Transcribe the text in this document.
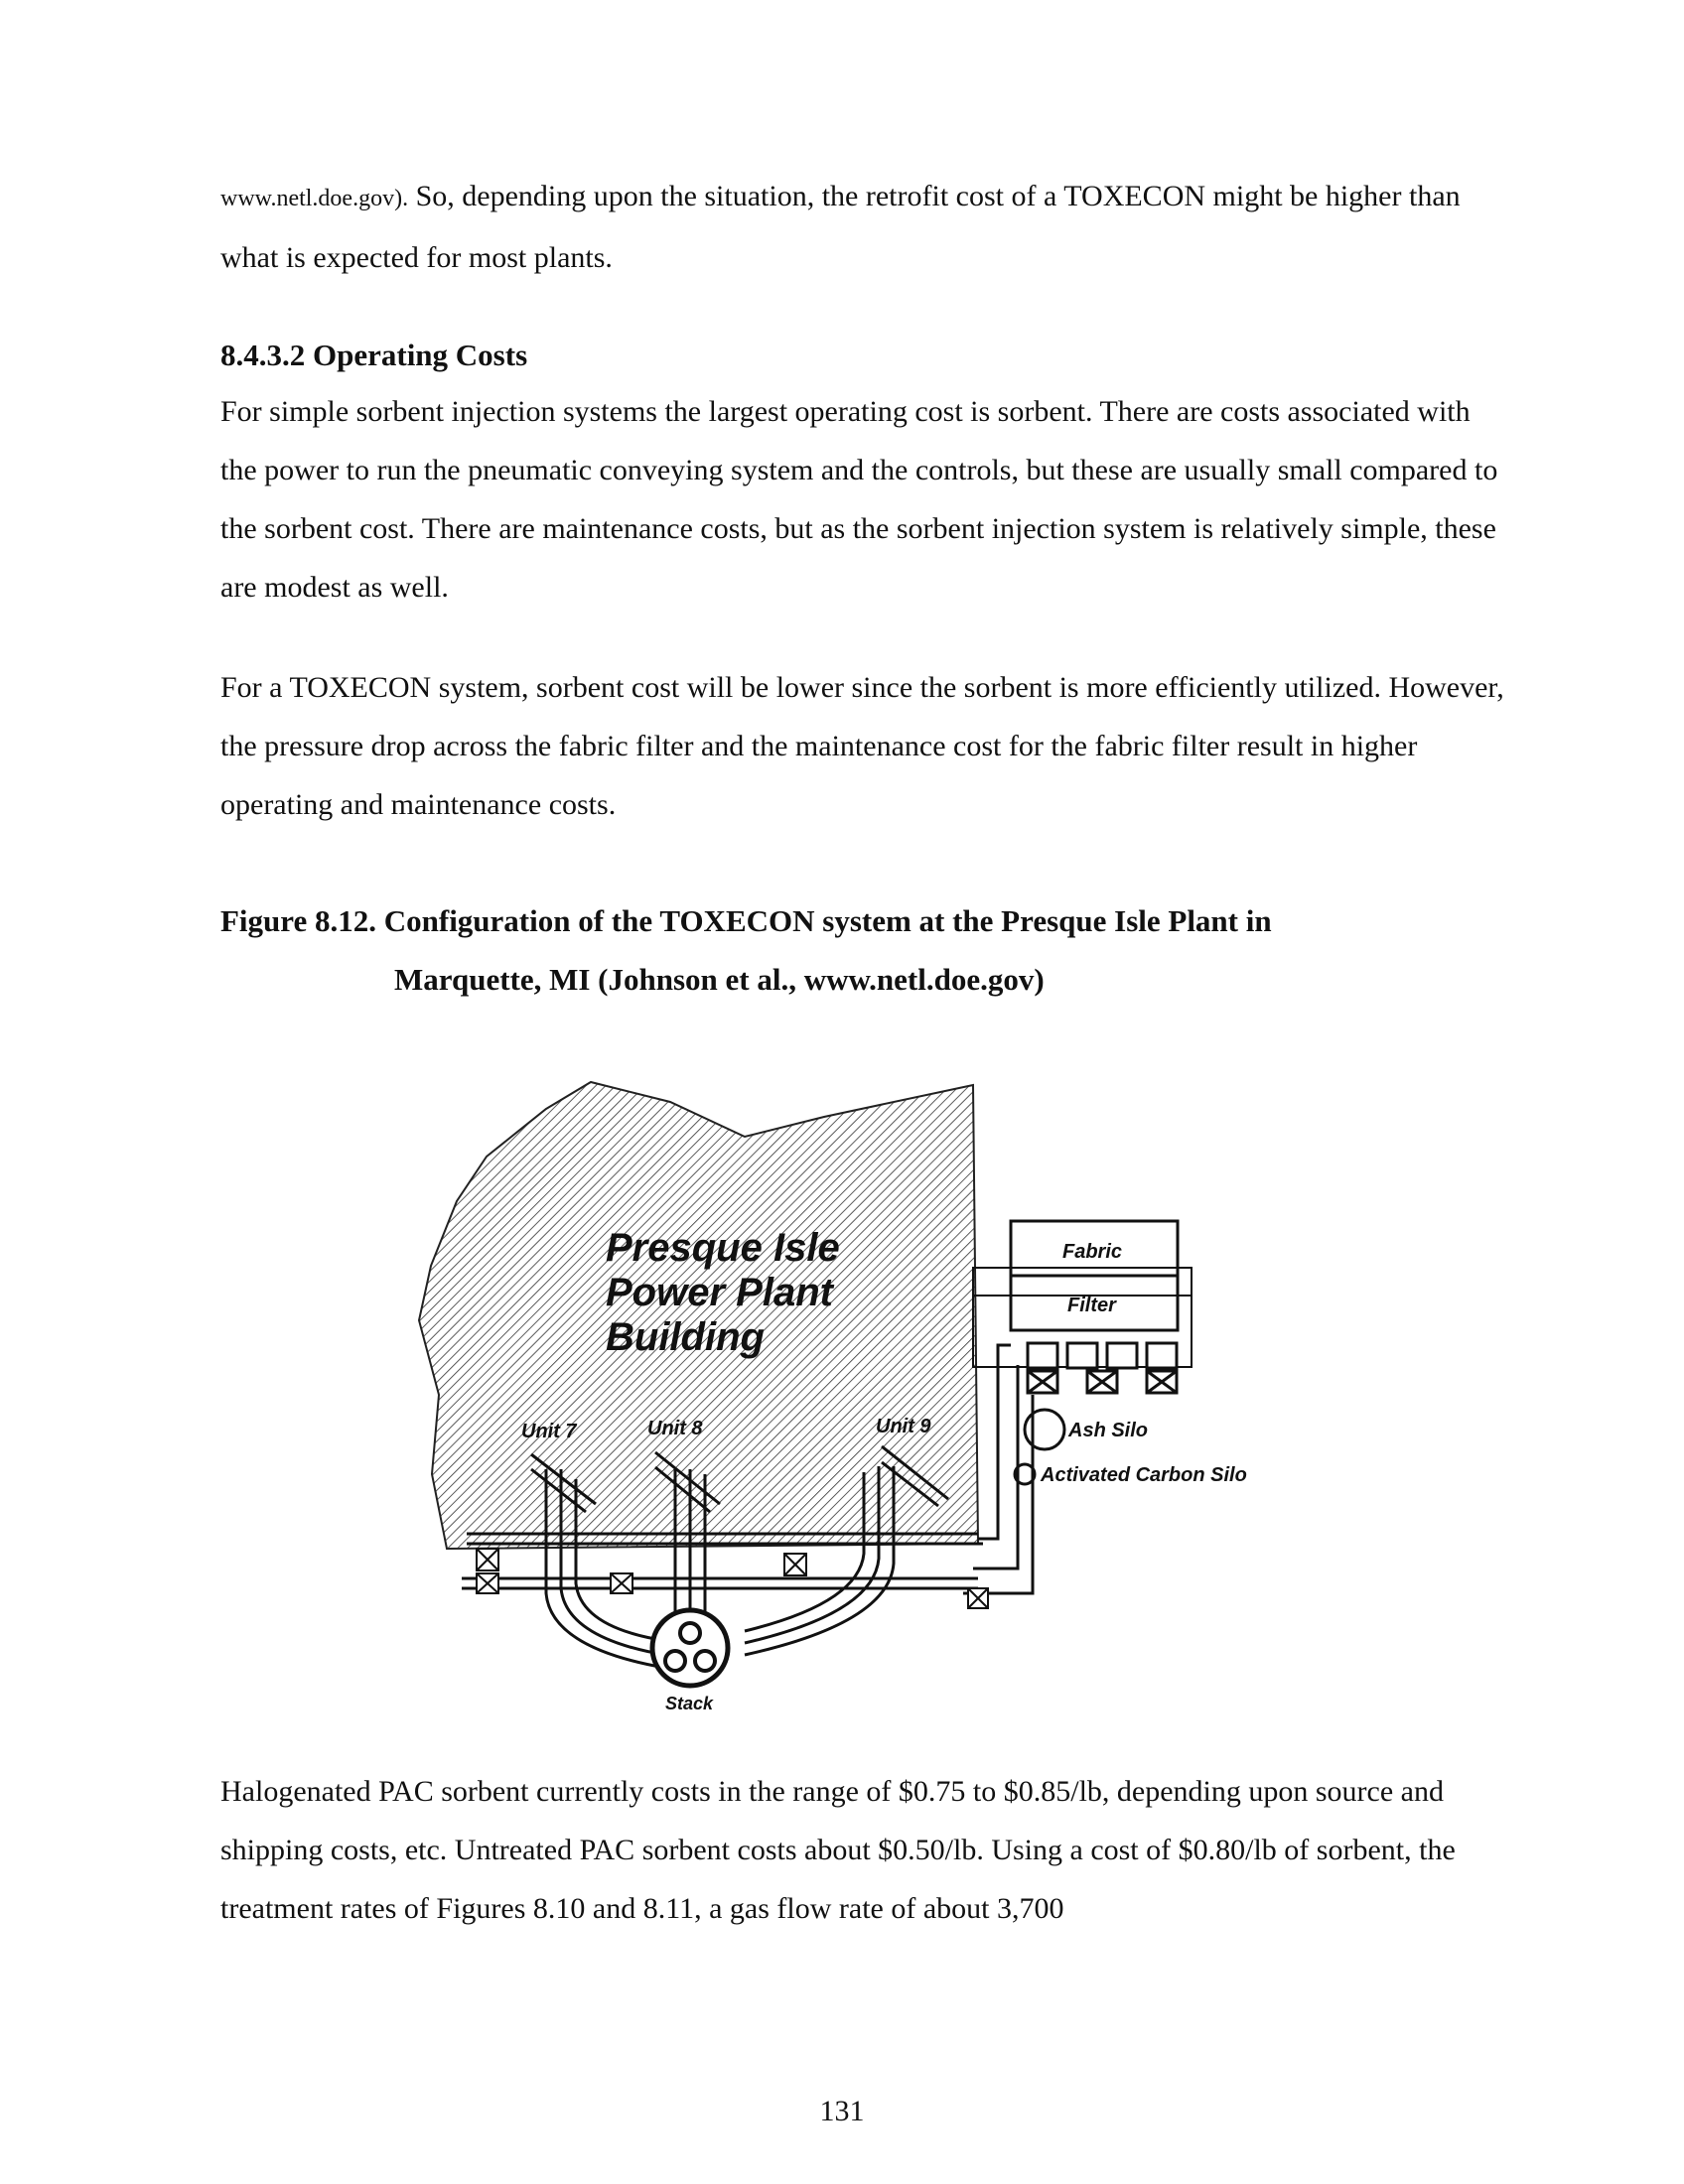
www.netl.doe.gov). So, depending upon the situation, the retrofit cost of a TOXECON might be higher than what is expected for most plants.

8.4.3.2 Operating Costs

For simple sorbent injection systems the largest operating cost is sorbent. There are costs associated with the power to run the pneumatic conveying system and the controls, but these are usually small compared to the sorbent cost. There are maintenance costs, but as the sorbent injection system is relatively simple, these are modest as well.

For a TOXECON system, sorbent cost will be lower since the sorbent is more efficiently utilized. However, the pressure drop across the fabric filter and the maintenance cost for the fabric filter result in higher operating and maintenance costs.

Figure 8.12. Configuration of the TOXECON system at the Presque Isle Plant in
Marquette, MI (Johnson et al., www.netl.doe.gov)
Presque Isle
Power Plant
Building
Fabric
Filter
Ash Silo
Activated Carbon Silo
Unit 7	Unit 8	Unit 9
Stack

Halogenated PAC sorbent currently costs in the range of $0.75 to $0.85/lb, depending upon source and shipping costs, etc. Untreated PAC sorbent costs about $0.50/lb. Using a cost of $0.80/lb of sorbent, the treatment rates of Figures 8.10 and 8.11, a gas flow rate of about 3,700

131
